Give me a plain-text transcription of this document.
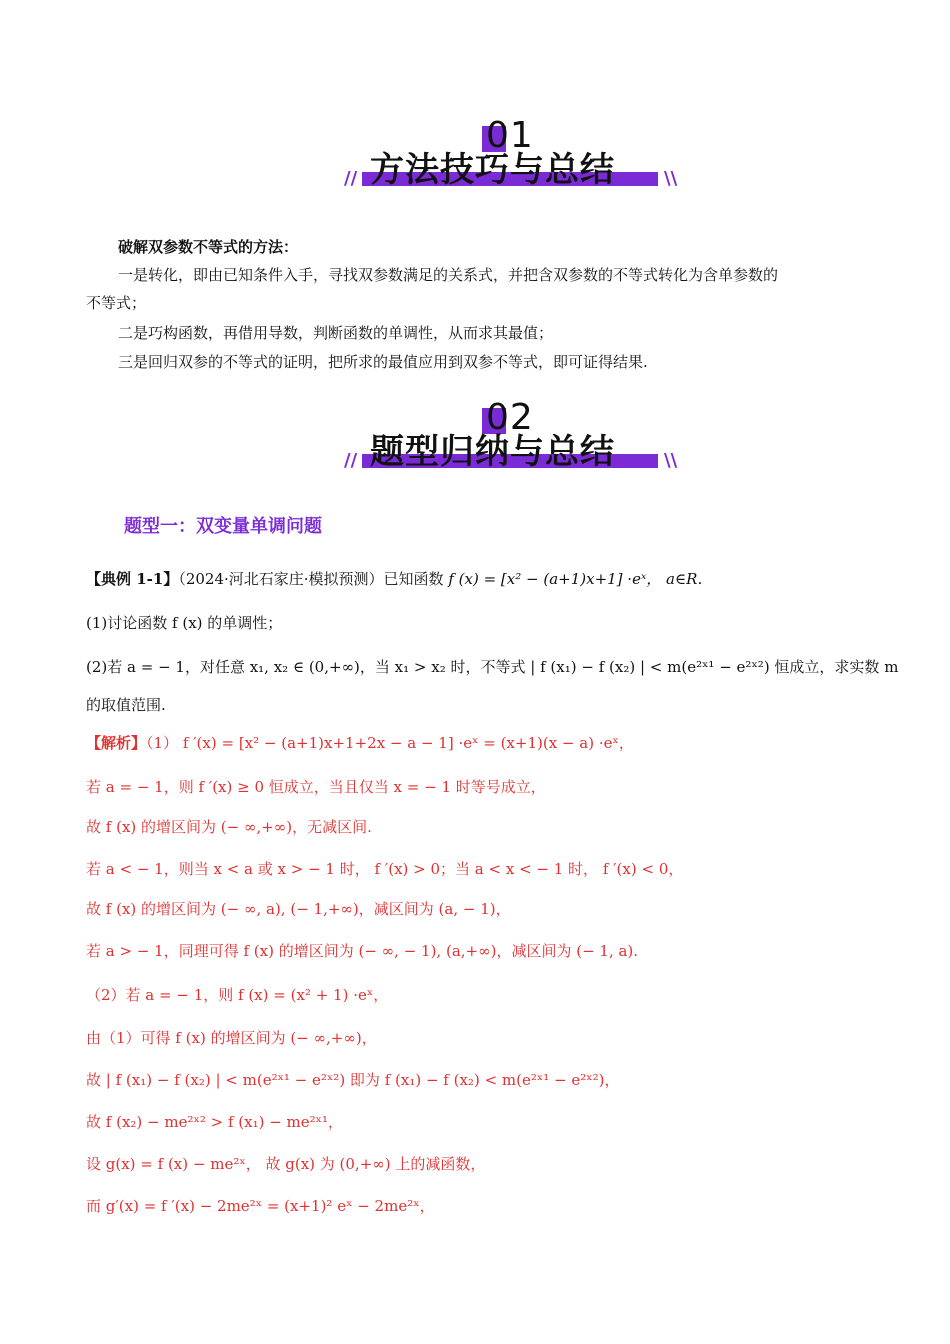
01
方法技巧与总结
//	\\
破解双参数不等式的方法：
一是转化，即由已知条件入手，寻找双参数满足的关系式，并把含双参数的不等式转化为含单参数的
不等式；
二是巧构函数，再借用导数，判断函数的单调性，从而求其最值；
三是回归双参的不等式的证明，把所求的最值应用到双参不等式，即可证得结果.
02
题型归纳与总结
//	\\
题型一：双变量单调问题
【典例 1-1】（2024·河北石家庄·模拟预测）已知函数 f (x) = [x² − (a+1)x+1] ·eˣ， a∈R．
(1)讨论函数 f (x) 的单调性；
(2)若 a = − 1，对任意 x₁, x₂ ∈ (0,+∞)，当 x₁ > x₂ 时，不等式 | f (x₁) − f (x₂) | < m(e²ˣ¹ − e²ˣ²) 恒成立，求实数 m
的取值范围.
【解析】（1） f ′(x) = [x² − (a+1)x+1+2x − a − 1] ·eˣ = (x+1)(x − a) ·eˣ，
若 a = − 1，则 f ′(x) ≥ 0 恒成立，当且仅当 x = − 1 时等号成立，
故 f (x) 的增区间为 (− ∞,+∞)，无减区间.
若 a < − 1，则当 x < a 或 x > − 1 时， f ′(x) > 0；当 a < x < − 1 时， f ′(x) < 0，
故 f (x) 的增区间为 (− ∞, a), (− 1,+∞)，减区间为 (a, − 1)，
若 a > − 1，同理可得 f (x) 的增区间为 (− ∞, − 1), (a,+∞)，减区间为 (− 1, a).
（2）若 a = − 1，则 f (x) = (x² + 1) ·eˣ，
由（1）可得 f (x) 的增区间为 (− ∞,+∞)，
故 | f (x₁) − f (x₂) | < m(e²ˣ¹ − e²ˣ²) 即为 f (x₁) − f (x₂) < m(e²ˣ¹ − e²ˣ²)，
故 f (x₂) − me²ˣ² > f (x₁) − me²ˣ¹，
设 g(x) = f (x) − me²ˣ， 故 g(x) 为 (0,+∞) 上的减函数，
而 g′(x) = f ′(x) − 2me²ˣ = (x+1)² eˣ − 2me²ˣ，
